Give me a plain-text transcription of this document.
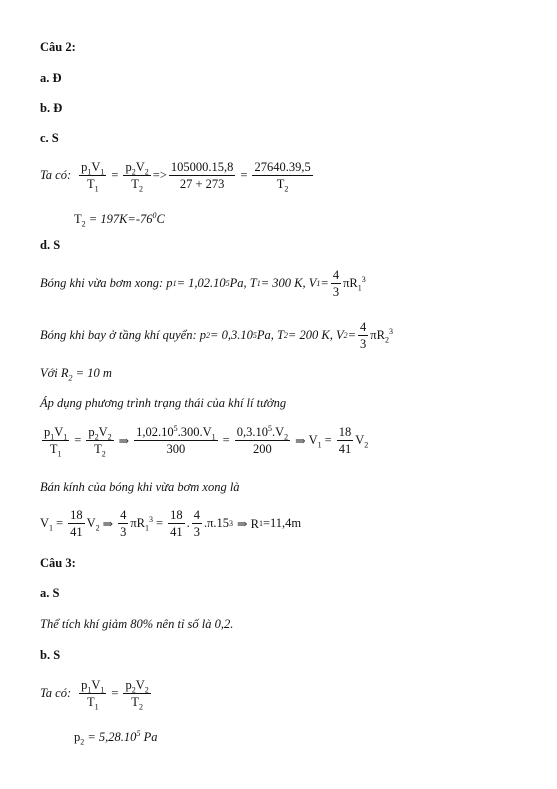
Câu 2:
a. Đ
b. Đ
c. S
Ta có: $\frac{p_1V_1}{T_1} = \frac{p_2V_2}{T_2} => \frac{105000.15,8}{27 + 273} = \frac{27640.39,5}{T_2}$
$T_2 = 197K=-76^0C$
d. S
Bóng khi vừa bơm xong: p 1 = 1,02.10 5 Pa, T 1 = 300 K, V $1 = \frac{4}{3} \pi R_1^3$
Bóng khi bay ở tầng khí quyển: p 2 = 0,3.10 5 Pa, T 2 = 200 K, V $2 = \frac{4}{3} \pi R_2^3$
Với $R_2 = 10$ m
Áp dụng phương trình trạng thái của khí lí tưởng
$\frac{p_1V_1}{T_1} = \frac{p_2V_2}{T_2}$ ⇒ $\frac{1,02.10^5.300.V_1}{300} = \frac{0,3.10^5.V_2}{200}$ ⇒ $V_1 = \frac{18}{41} V_2$
Bán kính của bóng khi vừa bơm xong là
$V_1 = \frac{18}{41} V_2$ ⇒ $\frac{4}{3} \pi R_1^3 = \frac{18}{41}$ . $\frac{4}{3} .\pi.15$ 3 ⇒ R 1 =11,4m
Câu 3:
a. S
Thể tích khí giảm 80% nên tỉ số là 0,2.
b. S
Ta có: $\frac{p_1V_1}{T_1} = \frac{p_2V_2}{T_2}$
$p_2 = 5,28.10^5$ Pa
